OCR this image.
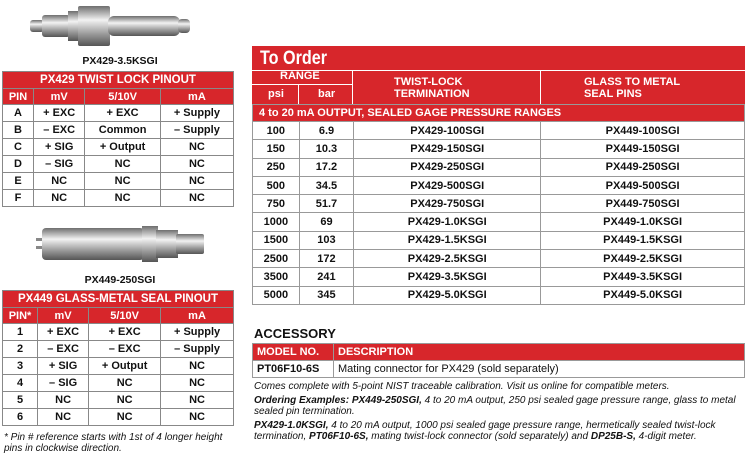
PX429-3.5KSGI
PX429 TWIST LOCK PINOUT			
PIN	mV	5/10V	mA
A	+ EXC	+ EXC	+ Supply
B	– EXC	Common	– Supply
C	+ SIG	+ Output	NC
D	– SIG	NC	NC
E	NC	NC	NC
F	NC	NC	NC
PX449-250SGI
PX449 GLASS-METAL SEAL PINOUT			
PIN*	mV	5/10V	mA
1	+ EXC	+ EXC	+ Supply
2	– EXC	– EXC	– Supply
3	+ SIG	+ Output	NC
4	– SIG	NC	NC
5	NC	NC	NC
6	NC	NC	NC
* Pin # reference starts with 1st of 4 longer height pins in clockwise direction.
To Order
RANGE
psi	bar
TWIST-LOCK TERMINATION
GLASS TO METAL SEAL PINS
4 to 20 mA OUTPUT, SEALED GAGE PRESSURE RANGES			
100	6.9	PX429-100SGI	PX449-100SGI
150	10.3	PX429-150SGI	PX449-150SGI
250	17.2	PX429-250SGI	PX449-250SGI
500	34.5	PX429-500SGI	PX449-500SGI
750	51.7	PX429-750SGI	PX449-750SGI
1000	69	PX429-1.0KSGI	PX449-1.0KSGI
1500	103	PX429-1.5KSGI	PX449-1.5KSGI
2500	172	PX429-2.5KSGI	PX449-2.5KSGI
3500	241	PX429-3.5KSGI	PX449-3.5KSGI
5000	345	PX429-5.0KSGI	PX449-5.0KSGI
ACCESSORY
MODEL NO.	DESCRIPTION
PT06F10-6S	Mating connector for PX429 (sold separately)
Comes complete with 5-point NIST traceable calibration. Visit us online for compatible meters.
Ordering Examples: PX449-250SGI, 4 to 20 mA output, 250 psi sealed gage pressure range, glass to metal sealed pin termination.
PX429-1.0KSGI, 4 to 20 mA output, 1000 psi sealed gage pressure range, hermetically sealed twist-lock termination, PT06F10-6S, mating twist-lock connector (sold separately) and DP25B-S, 4-digit meter.
